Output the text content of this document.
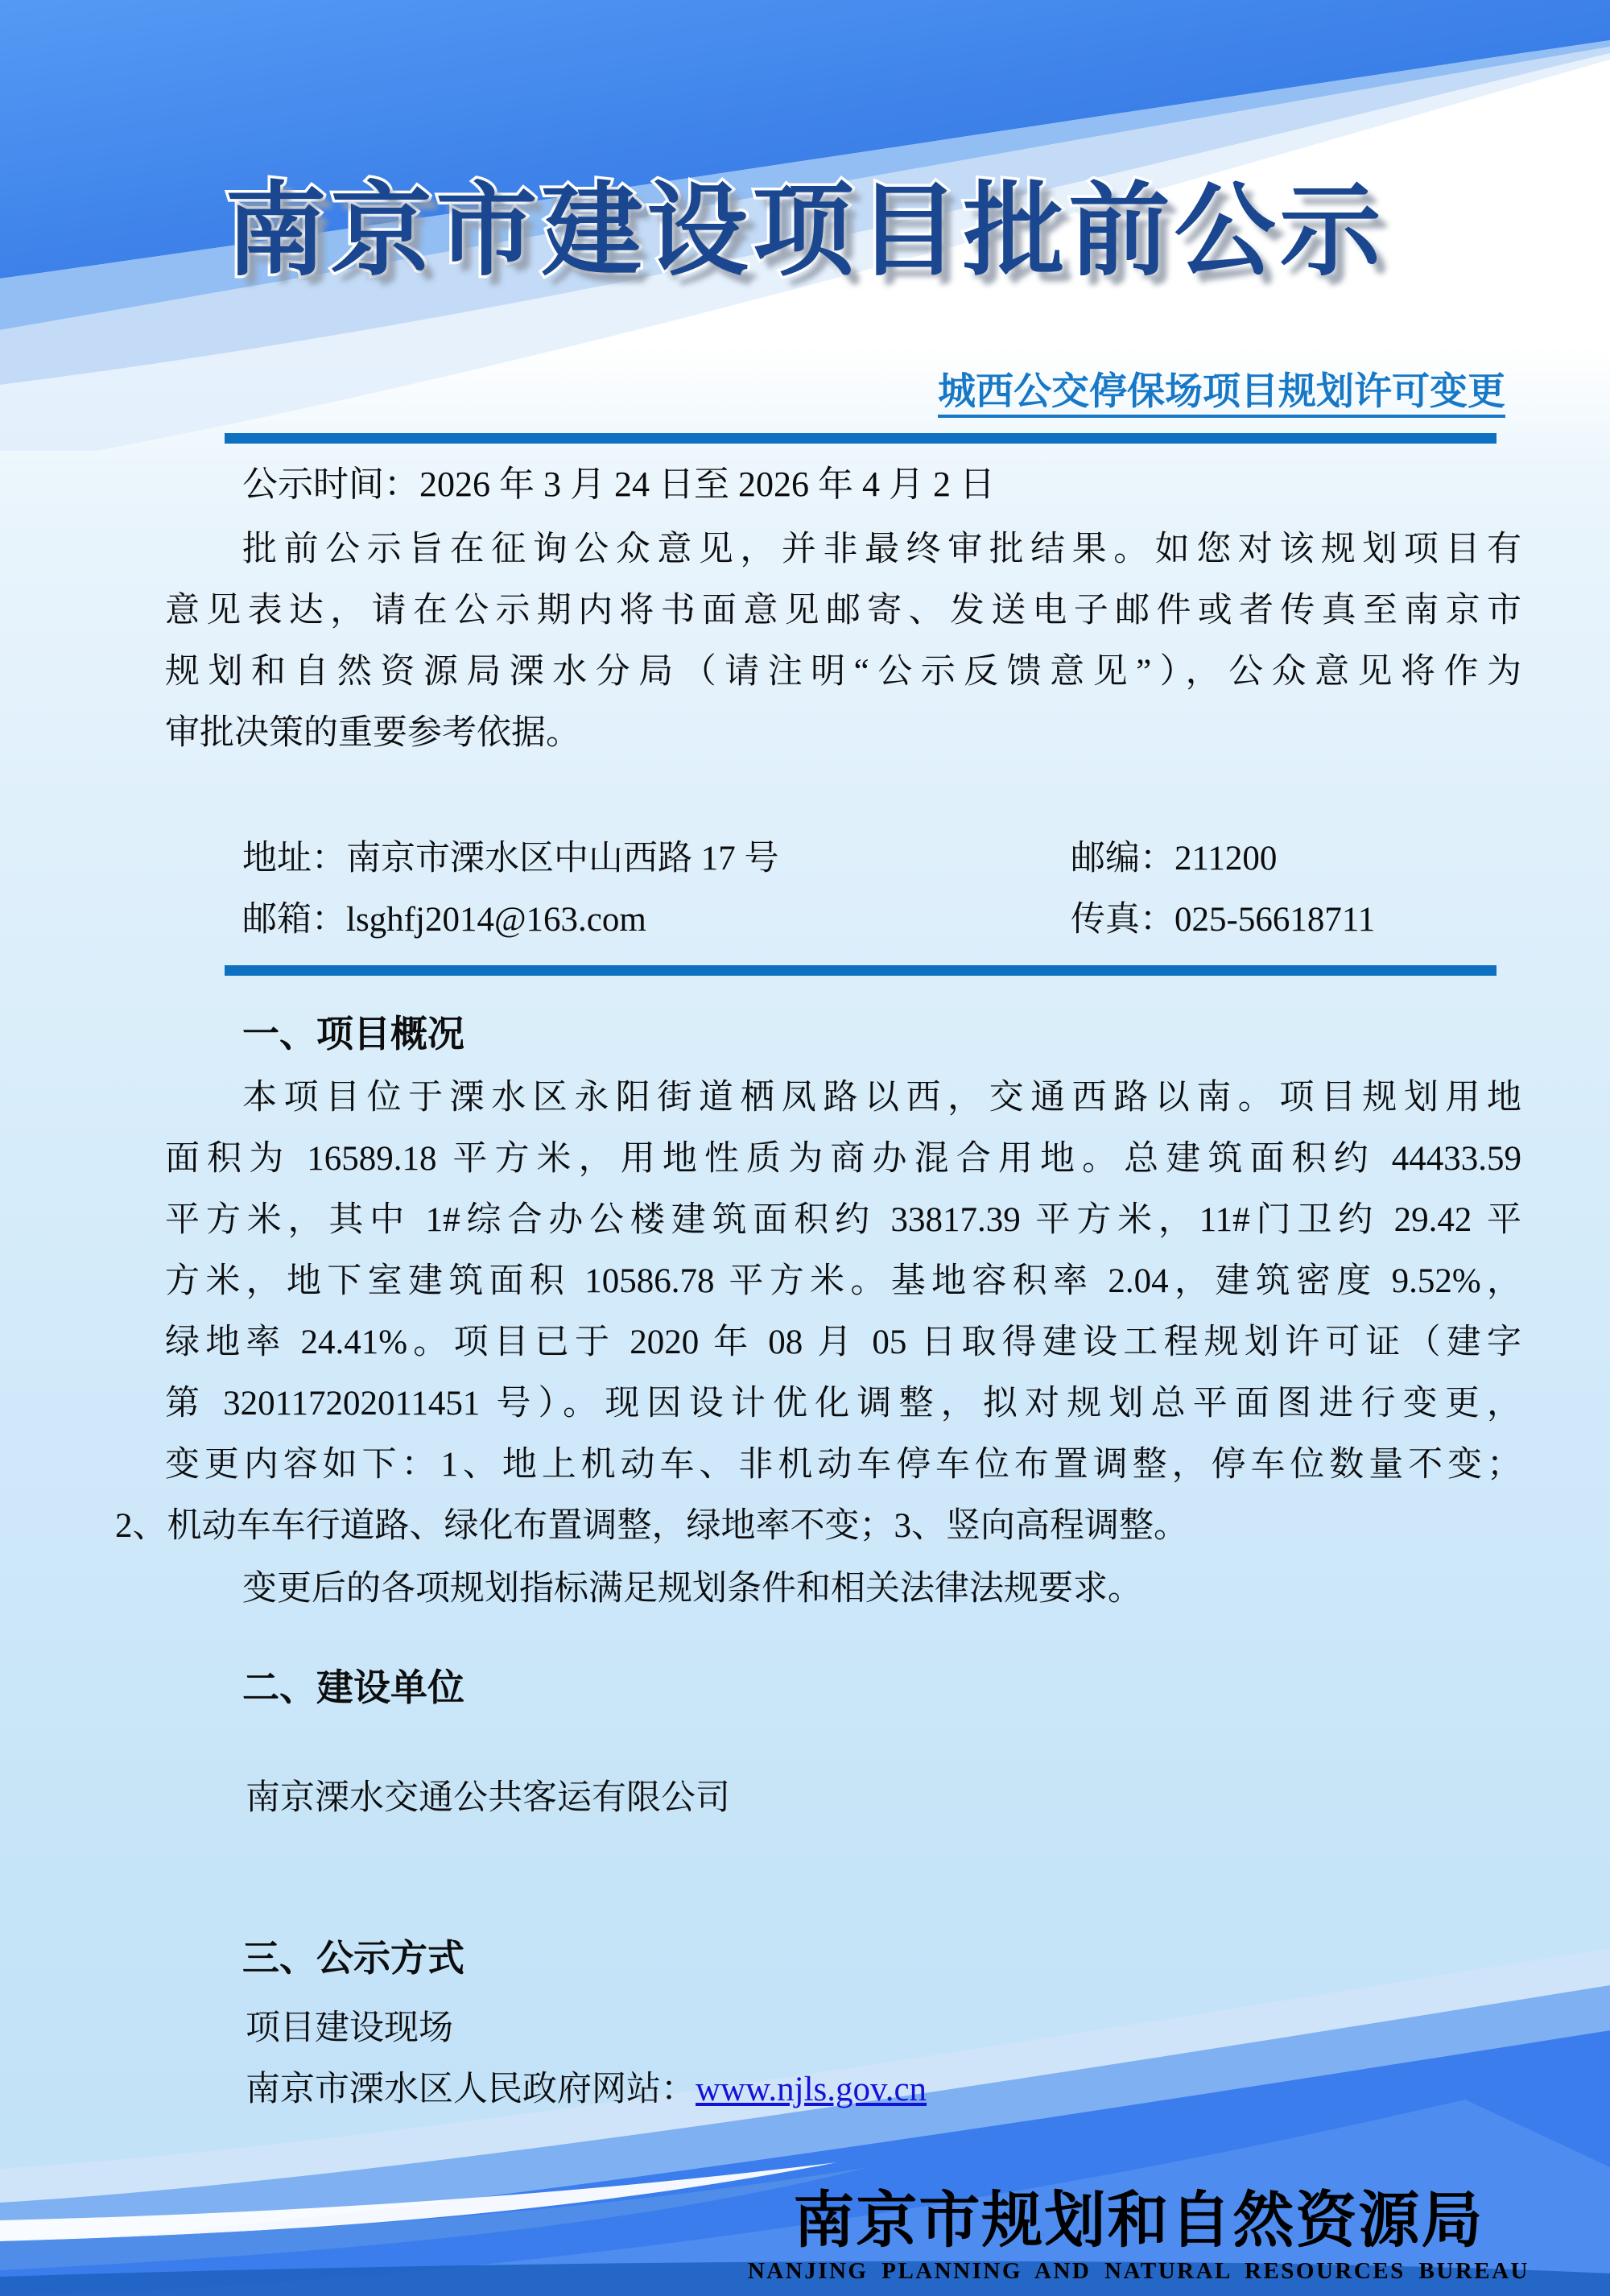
南京市建设项目批前公示
城西公交停保场项目规划许可变更
公示时间：2026 年 3 月 24 日至 2026 年 4 月 2 日
批前公示旨在征询公众意见，并非最终审批结果。如您对该规划项目有
意见表达，请在公示期内将书面意见邮寄、发送电子邮件或者传真至南京市
规划和自然资源局溧水分局（请注明“公示反馈意见”），公众意见将作为
审批决策的重要参考依据。
地址：南京市溧水区中山西路 17 号	邮编：211200
邮箱：lsghfj2014@163.com	传真：025-56618711
一、项目概况
本项目位于溧水区永阳街道栖凤路以西，交通西路以南。项目规划用地
面积为 16589.18 平方米，用地性质为商办混合用地。总建筑面积约 44433.59
平方米，其中 1#综合办公楼建筑面积约 33817.39 平方米，11#门卫约 29.42 平
方米，地下室建筑面积 10586.78 平方米。基地容积率 2.04，建筑密度 9.52%，
绿地率 24.41%。项目已于 2020 年 08 月 05 日取得建设工程规划许可证（建字
第 320117202011451 号）。现因设计优化调整，拟对规划总平面图进行变更，
变更内容如下：1、地上机动车、非机动车停车位布置调整，停车位数量不变；
2、机动车车行道路、绿化布置调整，绿地率不变；3、竖向高程调整。
变更后的各项规划指标满足规划条件和相关法律法规要求。
二、建设单位
南京溧水交通公共客运有限公司
三、公示方式
项目建设现场
南京市溧水区人民政府网站：www.njls.gov.cn
南京市规划和自然资源局
NANJING PLANNING AND NATURAL RESOURCES BUREAU
